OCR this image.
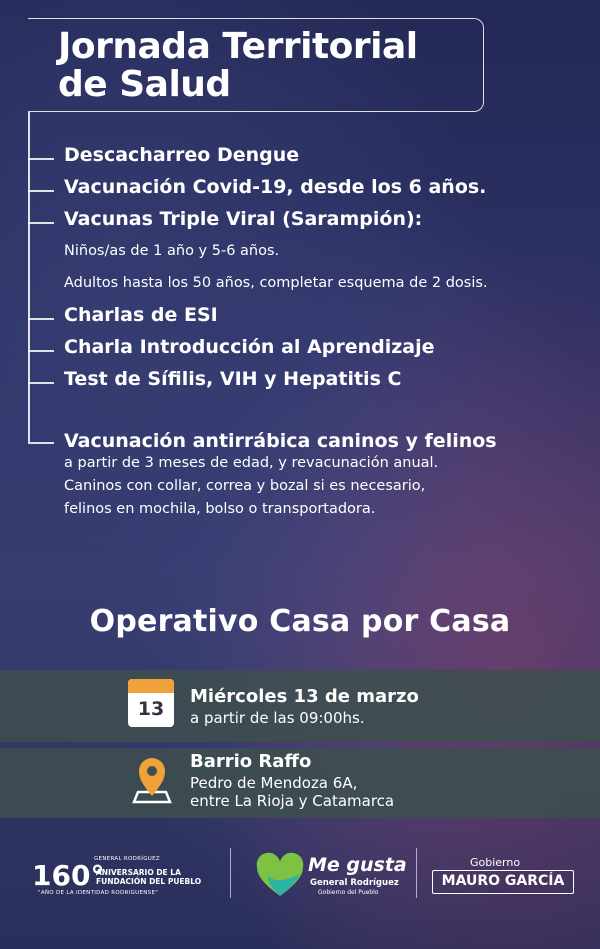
Jornada Territorial
de Salud
Descacharreo Dengue
Vacunación Covid-19, desde los 6 años.
Vacunas Triple Viral (Sarampión):
Niños/as de 1 año y 5-6 años.
Adultos hasta los 50 años, completar esquema de 2 dosis.
Charlas de ESI
Charla Introducción al Aprendizaje
Test de Sífilis, VIH y Hepatitis C
Vacunación antirrábica caninos y felinos
a partir de 3 meses de edad, y revacunación anual.
Caninos con collar, correa y bozal si es necesario,
felinos en mochila, bolso o transportadora.
Operativo Casa por Casa
13
Miércoles 13 de marzo
a partir de las 09:00hs.
Barrio Raffo
Pedro de Mendoza 6A,
entre La Rioja y Catamarca
GENERAL RODRÍGUEZ
160°
ANIVERSARIO DE LA FUNDACIÓN DEL PUEBLO
"AÑO DE LA IDENTIDAD RODRIGUENSE"
Me gusta
General Rodríguez
Gobierno del Pueblo
Gobierno
MAURO GARCÍA
